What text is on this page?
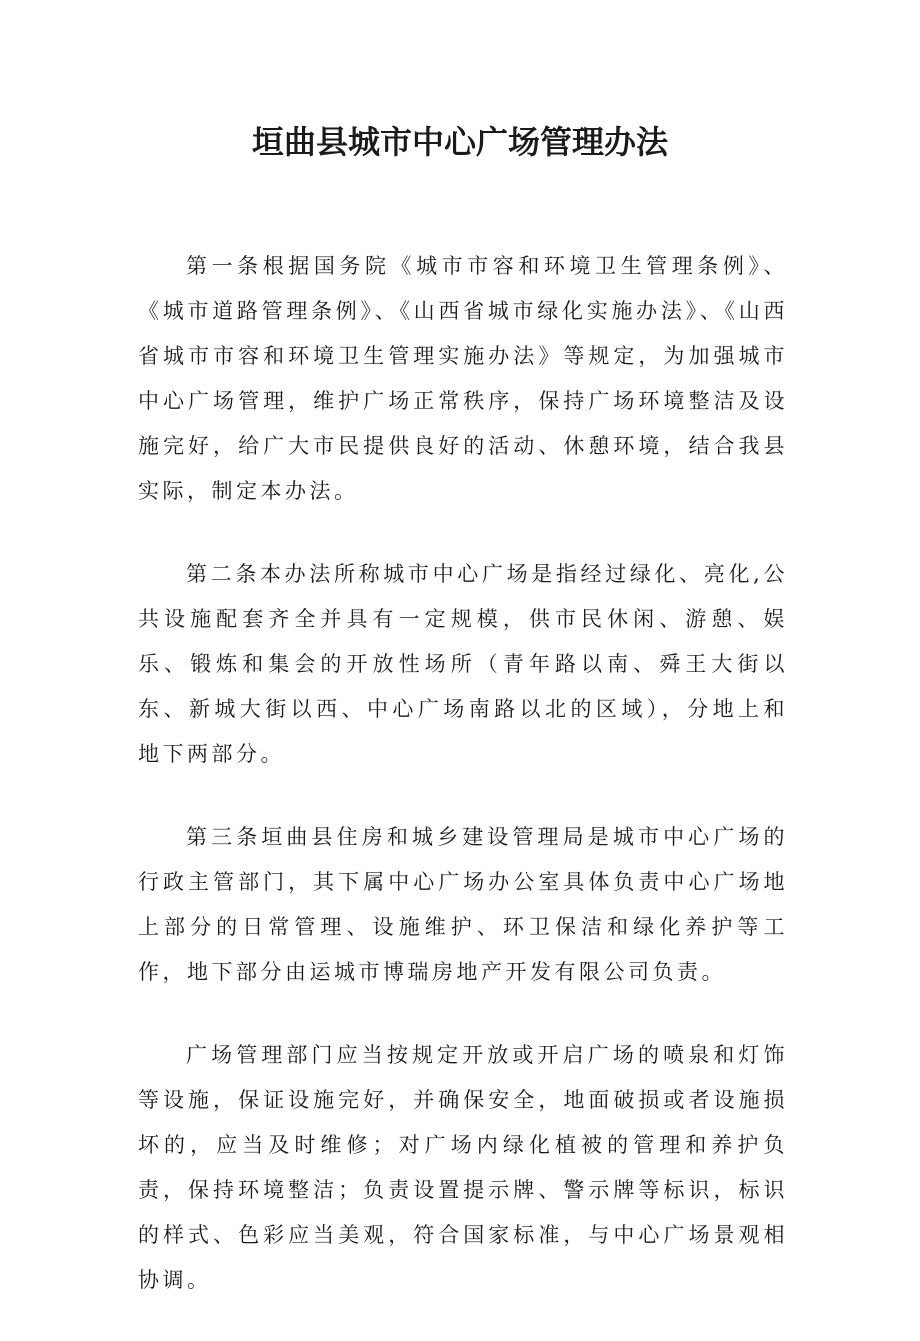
垣曲县城市中心广场管理办法

第一条根据国务院《城市市容和环境卫生管理条例》、《城市道路管理条例》、《山西省城市绿化实施办法》、《山西省城市市容和环境卫生管理实施办法》等规定，为加强城市中心广场管理，维护广场正常秩序，保持广场环境整洁及设施完好，给广大市民提供良好的活动、休憩环境，结合我县实际，制定本办法。

第二条本办法所称城市中心广场是指经过绿化、亮化,公共设施配套齐全并具有一定规模，供市民休闲、游憩、娱乐、锻炼和集会的开放性场所（青年路以南、舜王大街以东、新城大街以西、中心广场南路以北的区域），分地上和地下两部分。

第三条垣曲县住房和城乡建设管理局是城市中心广场的行政主管部门，其下属中心广场办公室具体负责中心广场地上部分的日常管理、设施维护、环卫保洁和绿化养护等工作，地下部分由运城市博瑞房地产开发有限公司负责。

广场管理部门应当按规定开放或开启广场的喷泉和灯饰等设施，保证设施完好，并确保安全，地面破损或者设施损坏的，应当及时维修；对广场内绿化植被的管理和养护负责，保持环境整洁；负责设置提示牌、警示牌等标识，标识的样式、色彩应当美观，符合国家标准，与中心广场景观相协调。
